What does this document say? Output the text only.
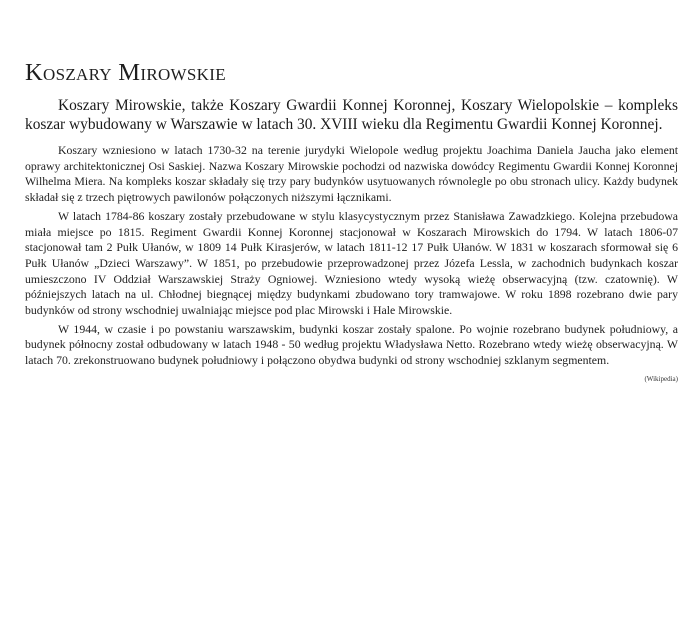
Koszary Mirowskie

Koszary Mirowskie, także Koszary Gwardii Konnej Koronnej, Koszary Wielopolskie – kompleks koszar wybudowany w Warszawie w latach 30. XVIII wieku dla Regimentu Gwardii Konnej Koronnej.

Koszary wzniesiono w latach 1730-32 na terenie jurydyki Wielopole według projektu Joachima Daniela Jaucha jako element oprawy architektonicznej Osi Saskiej. Nazwa Koszary Mirowskie pochodzi od nazwiska dowódcy Regimentu Gwardii Konnej Koronnej Wilhelma Miera. Na kompleks koszar składały się trzy pary budynków usytuowanych równolegle po obu stronach ulicy. Każdy budynek składał się z trzech piętrowych pawilonów połączonych niższymi łącznikami.

W latach 1784-86 koszary zostały przebudowane w stylu klasycystycznym przez Stanisława Zawadzkiego. Kolejna przebudowa miała miejsce po 1815. Regiment Gwardii Konnej Koronnej stacjonował w Koszarach Mirowskich do 1794. W latach 1806-07 stacjonował tam 2 Pułk Ułanów, w 1809 14 Pułk Kirasjerów, w latach 1811-12 17 Pułk Ułanów. W 1831 w koszarach sformował się 6 Pułk Ułanów „Dzieci Warszawy”. W 1851, po przebudowie przeprowadzonej przez Józefa Lessla, w zachodnich budynkach koszar umieszczono IV Oddział Warszawskiej Straży Ogniowej. Wzniesiono wtedy wysoką wieżę obserwacyjną (tzw. czatownię). W późniejszych latach na ul. Chłodnej biegnącej między budynkami zbudowano tory tramwajowe. W roku 1898 rozebrano dwie pary budynków od strony wschodniej uwalniając miejsce pod plac Mirowski i Hale Mirowskie.

W 1944, w czasie i po powstaniu warszawskim, budynki koszar zostały spalone. Po wojnie rozebrano budynek południowy, a budynek północny został odbudowany w latach 1948 - 50 według projektu Władysława Netto. Rozebrano wtedy wieżę obserwacyjną. W latach 70. zrekonstruowano budynek południowy i połączono obydwa budynki od strony wschodniej szklanym segmentem.

(Wikipedia)
